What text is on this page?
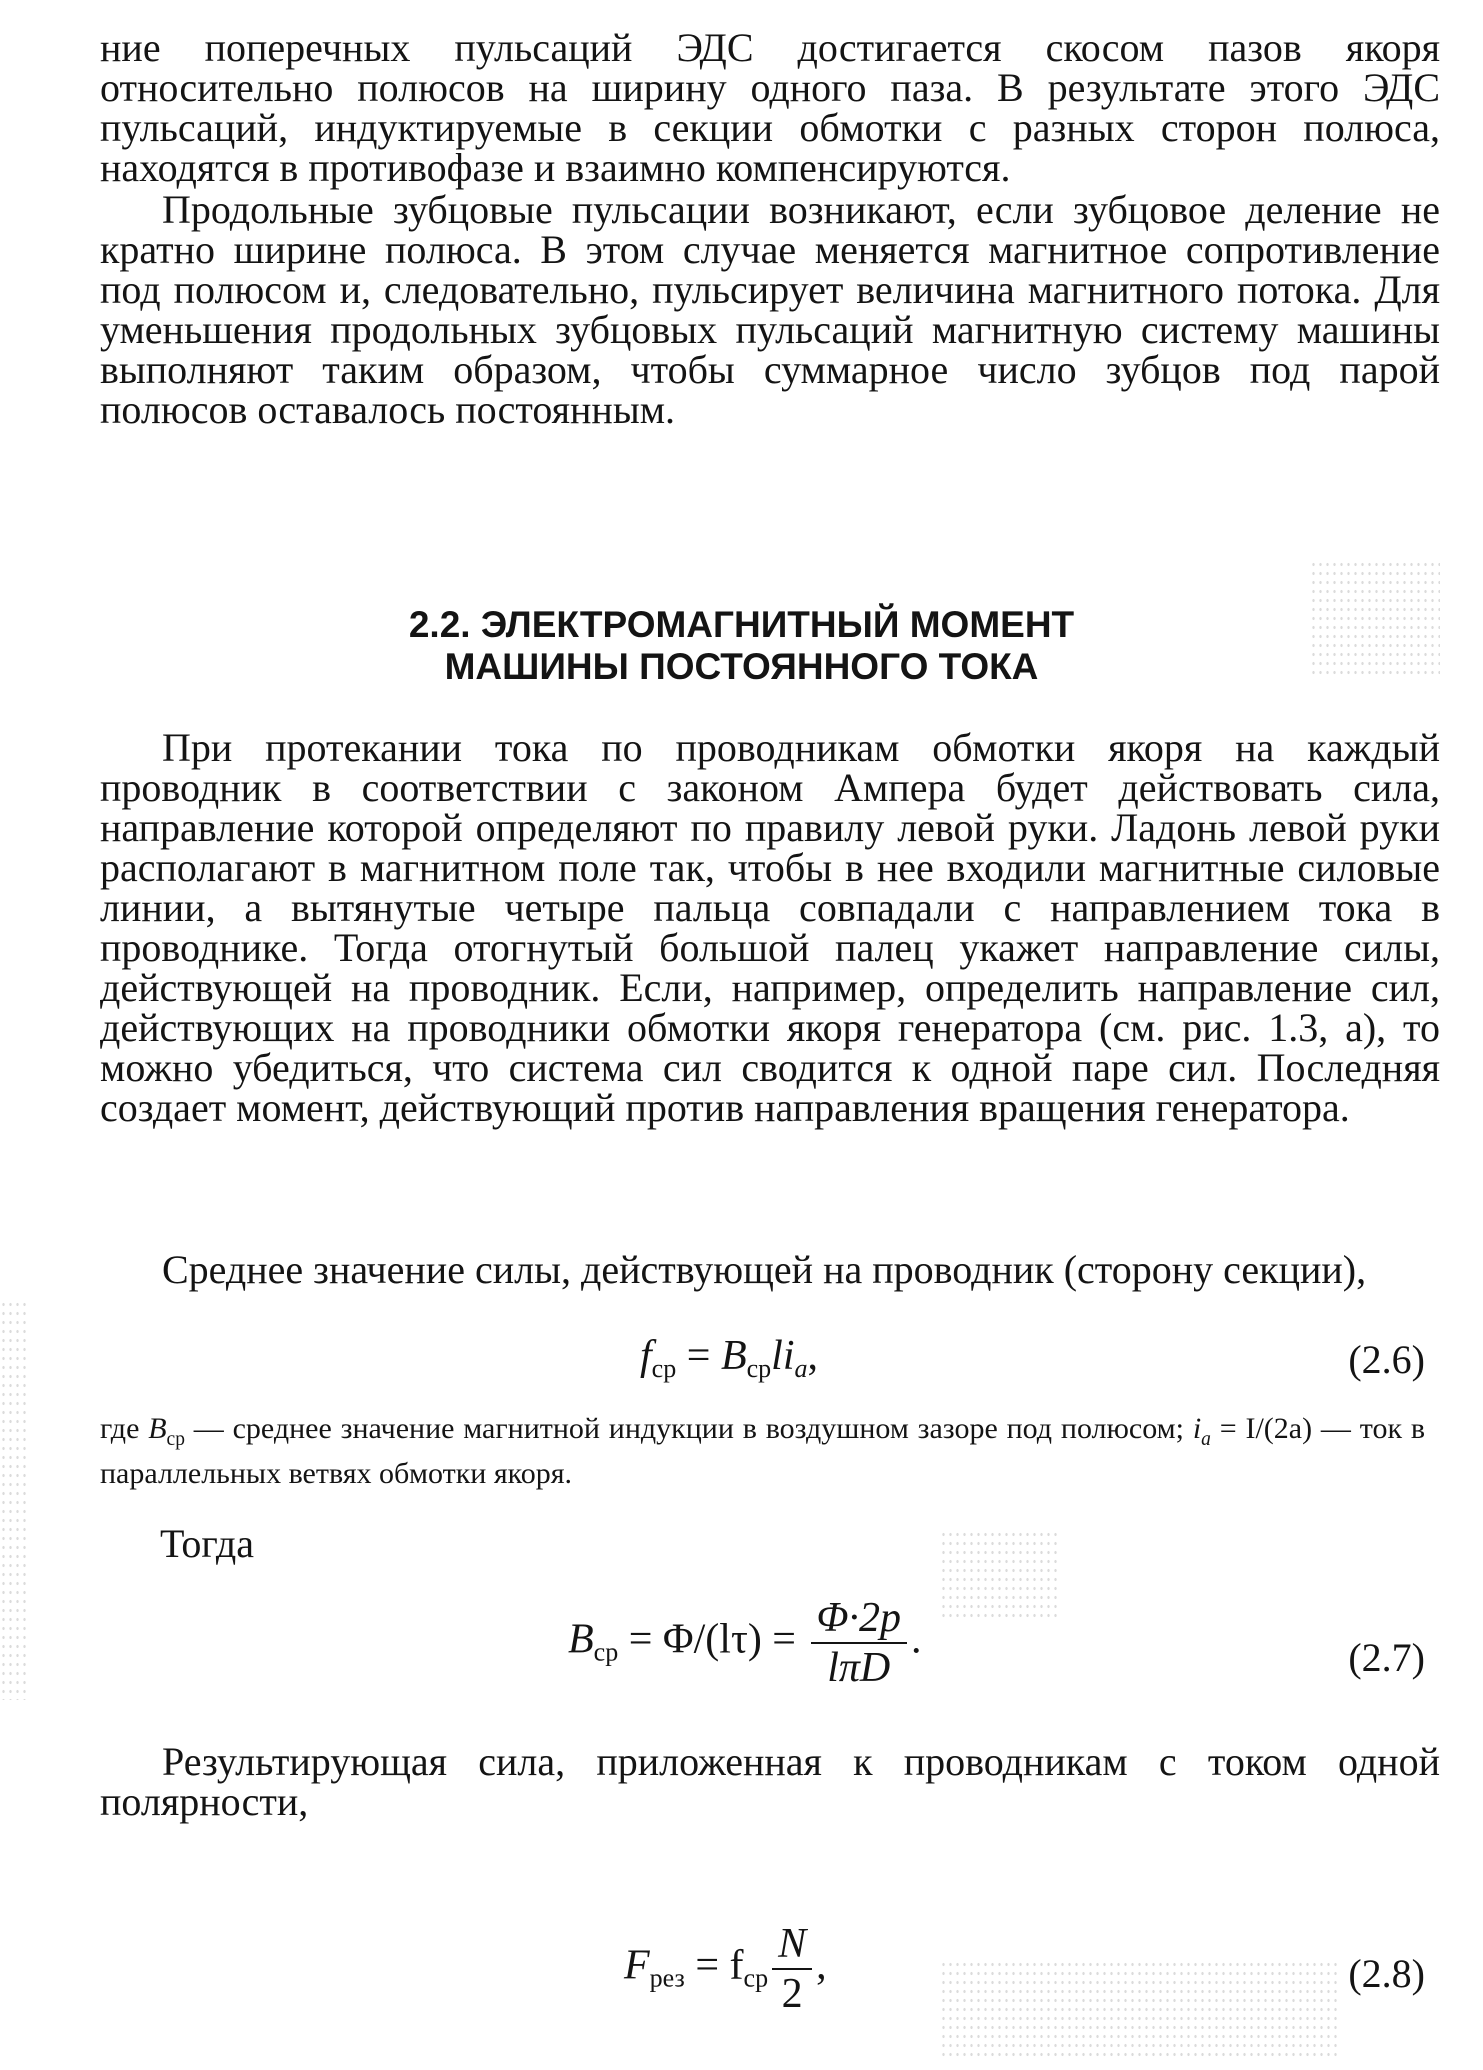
ние поперечных пульсаций ЭДС достигается скосом пазов якоря относительно полюсов на ширину одного паза. В результате этого ЭДС пульсаций, индуктируемые в секции обмотки с разных сторон полюса, находятся в противофазе и взаимно компенсируются.

Продольные зубцовые пульсации возникают, если зубцовое деление не кратно ширине полюса. В этом случае меняется магнитное сопротивление под полюсом и, следовательно, пульсирует величина магнитного потока. Для уменьшения продольных зубцовых пульсаций магнитную систему машины выполняют таким образом, чтобы суммарное число зубцов под парой полюсов оставалось постоянным.

2.2. ЭЛЕКТРОМАГНИТНЫЙ МОМЕНТ
МАШИНЫ ПОСТОЯННОГО ТОКА

При протекании тока по проводникам обмотки якоря на каждый проводник в соответствии с законом Ампера будет действовать сила, направление которой определяют по правилу левой руки. Ладонь левой руки располагают в магнитном поле так, чтобы в нее входили магнитные силовые линии, а вытянутые четыре пальца совпадали с направлением тока в проводнике. Тогда отогнутый большой палец укажет направление силы, действующей на проводник. Если, например, определить направление сил, действующих на проводники обмотки якоря генератора (см. рис. 1.3, а), то можно убедиться, что система сил сводится к одной паре сил. Последняя создает момент, действующий против направления вращения генератора.

Среднее значение силы, действующей на проводник (сторону секции),

$f_{ср} = B_{ср}li_a$,	(2.6)

где $B_{ср}$ — среднее значение магнитной индукции в воздушном зазоре под полюсом; $i_a = I/(2a)$ — ток в параллельных ветвях обмотки якоря.

Тогда
$B_{ср} = \Phi/(l\tau) = \frac{\Phi\cdot 2p}{\text{lπD}}$ .	(2.7)

Результирующая сила, приложенная к проводникам с током одной полярности,

$F_{рез} = f_{ср} \frac{N}{2}$ ,	(2.8)
